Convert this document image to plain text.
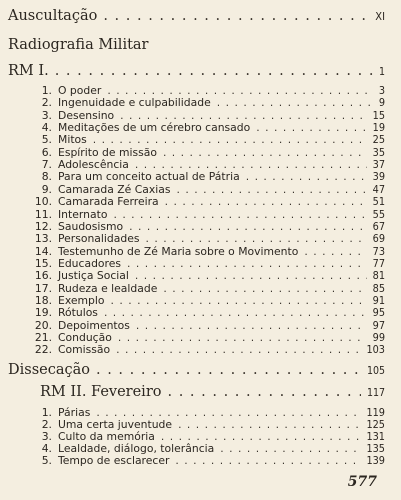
Auscultação . . .	XI
Radiografia Militar
RM I. . . .	1
1. O poder . . .	3
2. Ingenuidade e culpabilidade . . .	9
3. Desensino . . .	15
4. Meditações de um cérebro cansado . . .	19
5. Mitos . . .	25
6. Espírito de missão . . .	35
7. Adolescência . . .	37
8. Para um conceito actual de Pátria . . .	39
9. Camarada Zé Caxias . . .	47
10. Camarada Ferreira . . .	51
11. Internato . . .	55
12. Saudosismo . . .	67
13. Personalidades . . .	69
14. Testemunho de Zé Maria sobre o Movimento . . .	73
15. Educadores . . .	77
16. Justiça Social . . .	81
17. Rudeza e lealdade . . .	85
18. Exemplo . . .	91
19. Rótulos . . .	95
20. Depoimentos . . .	97
21. Condução . . .	99
22. Comissão . . .	103
Dissecação . . .	105
RM II. Fevereiro . . .	117
1. Párias . . .	119
2. Uma certa juventude . . .	125
3. Culto da memória . . .	131
4. Lealdade, diálogo, tolerância . . .	135
5. Tempo de esclarecer . . .	139
577
